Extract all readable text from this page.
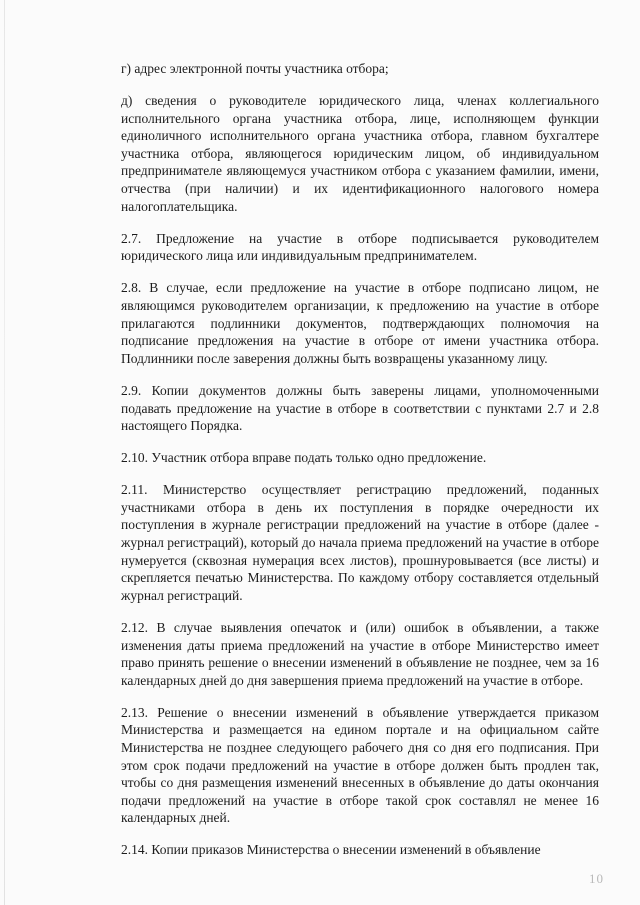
г) адрес электронной почты участника отбора;

д) сведения о руководителе юридического лица, членах коллегиального исполнительного органа участника отбора, лице, исполняющем функции единоличного исполнительного органа участника отбора, главном бухгалтере участника отбора, являющегося юридическим лицом, об индивидуальном предпринимателе являющемуся участником отбора с указанием фамилии, имени, отчества (при наличии) и их идентификационного налогового номера налогоплательщика.

2.7. Предложение на участие в отборе подписывается руководителем юридического лица или индивидуальным предпринимателем.

2.8. В случае, если предложение на участие в отборе подписано лицом, не являющимся руководителем организации, к предложению на участие в отборе прилагаются подлинники документов, подтверждающих полномочия на подписание предложения на участие в отборе от имени участника отбора. Подлинники после заверения должны быть возвращены указанному лицу.

2.9. Копии документов должны быть заверены лицами, уполномоченными подавать предложение на участие в отборе в соответствии с пунктами 2.7 и 2.8 настоящего Порядка.

2.10. Участник отбора вправе подать только одно предложение.

2.11. Министерство осуществляет регистрацию предложений, поданных участниками отбора в день их поступления в порядке очередности их поступления в журнале регистрации предложений на участие в отборе (далее - журнал регистраций), который до начала приема предложений на участие в отборе нумеруется (сквозная нумерация всех листов), прошнуровывается (все листы) и скрепляется печатью Министерства. По каждому отбору составляется отдельный журнал регистраций.

2.12. В случае выявления опечаток и (или) ошибок в объявлении, а также изменения даты приема предложений на участие в отборе Министерство имеет право принять решение о внесении изменений в объявление не позднее, чем за 16 календарных дней до дня завершения приема предложений на участие в отборе.

2.13. Решение о внесении изменений в объявление утверждается приказом Министерства и размещается на едином портале и на официальном сайте Министерства не позднее следующего рабочего дня со дня его подписания. При этом срок подачи предложений на участие в отборе должен быть продлен так, чтобы со дня размещения изменений внесенных в объявление до даты окончания подачи предложений на участие в отборе такой срок составлял не менее 16 календарных дней.

2.14. Копии приказов Министерства о внесении изменений в объявление

10
